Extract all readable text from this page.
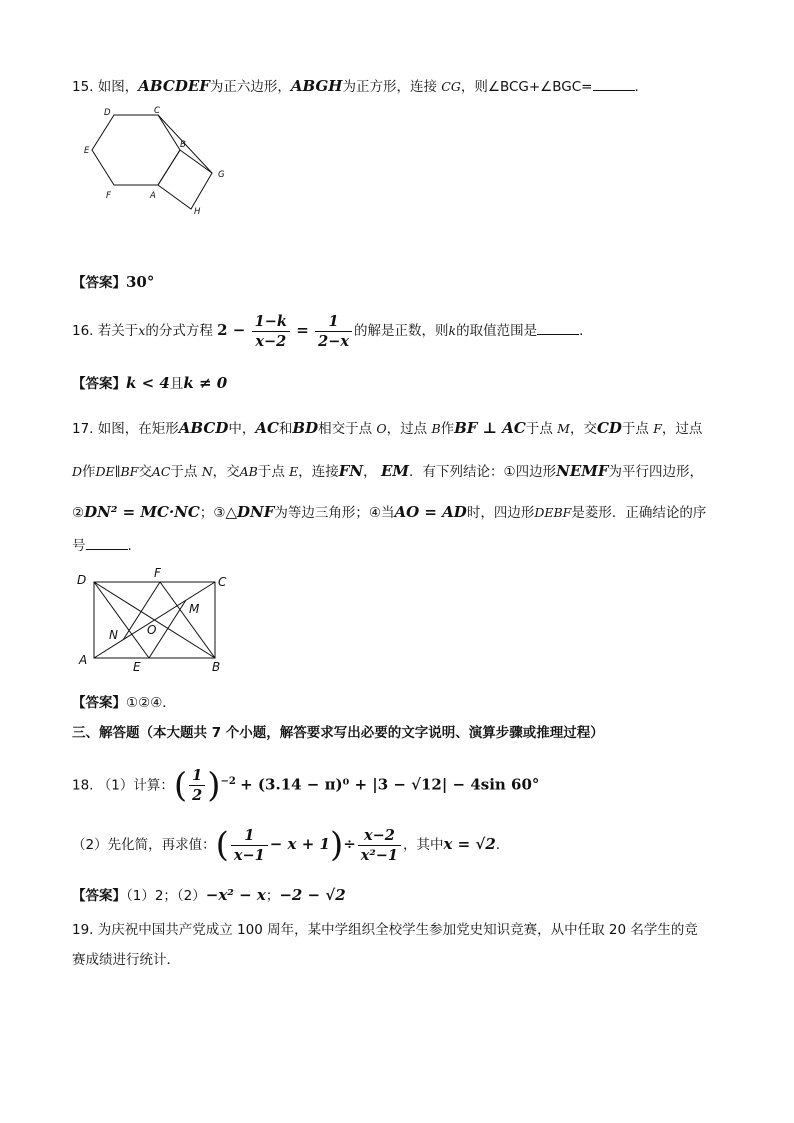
15. 如图，ABCDEF为正六边形，ABGH为正方形，连接 CG，则∠BCG+∠BGC=	.
D	C
E
B
G
F	A
H
【答案】30°
16. 若关于x的分式方程 $2 - \frac{1-k}{x-2} = \frac{1}{2-x}$ 的解是正数，则k的取值范围是	.
【答案】k < 4且k ≠ 0
17. 如图，在矩形ABCD中，AC和BD相交于点 O，过点 B作BF ⊥ AC于点 M，交CD于点 F，过点
D作DE∥BF交AC于点 N，交AB于点 E，连接FN， EM．有下列结论：①四边形NEMF为平行四边形，
②DN² = MC·NC；③△DNF为等边三角形；④当AO = AD时，四边形DEBF是菱形．正确结论的序
号	.
D	F
C
M
O
N
A	E	B
【答案】①②④．
三、解答题（本大题共 7 个小题，解答要求写出必要的文字说明、演算步骤或推理过程）
18. （1）计算：( $\frac{1}{2} )^{-2} + (3.14 - \pi)^0 + |3 - √12| - 4\sin$ 60°
（2）先化简，再求值：( $\frac{1}{x-1} - x + 1)\div \frac{x-2}{\text{x²−1}}$ ，其中x = √2.
【答案】（1）2；（2）−x² − x；−2 − √2
19. 为庆祝中国共产党成立 100 周年，某中学组织全校学生参加党史知识竞赛，从中任取 20 名学生的竞
赛成绩进行统计．
